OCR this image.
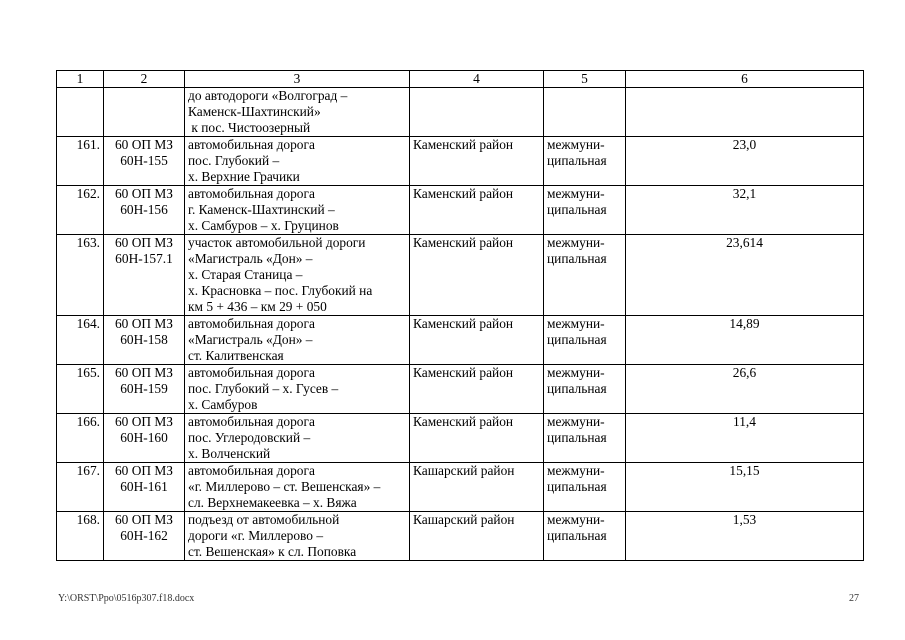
1	2	3	4	5	6

		до автодороги «Волгоград –
Каменск-Шахтинский»
к пос. Чистоозерный			

161.	60 ОП МЗ
60Н-155	автомобильная дорога
пос. Глубокий –
х. Верхние Грачики	Каменский район	межмуни-
ципальная	23,0
162.	60 ОП МЗ
60Н-156	автомобильная дорога
г. Каменск-Шахтинский –
х. Самбуров – х. Груцинов	Каменский район	межмуни-
ципальная	32,1
163.	60 ОП МЗ
60Н-157.1	участок автомобильной дороги
«Магистраль «Дон» –
х. Старая Станица –
х. Красновка – пос. Глубокий на
км 5 + 436 – км 29 + 050	Каменский район	межмуни-
ципальная	23,614
164.	60 ОП МЗ
60Н-158	автомобильная дорога
«Магистраль «Дон» –
ст. Калитвенская	Каменский район	межмуни-
ципальная	14,89
165.	60 ОП МЗ
60Н-159	автомобильная дорога
пос. Глубокий – х. Гусев –
х. Самбуров	Каменский район	межмуни-
ципальная	26,6
166.	60 ОП МЗ
60Н-160	автомобильная дорога
пос. Углеродовский –
х. Волченский	Каменский район	межмуни-
ципальная	11,4
167.	60 ОП МЗ
60Н-161	автомобильная дорога
«г. Миллерово – ст. Вешенская» –
сл. Верхнемакеевка – х. Вяжа	Кашарский район	межмуни-
ципальная	15,15
168.	60 ОП МЗ
60Н-162	подъезд от автомобильной
дороги «г. Миллерово –
ст. Вешенская» к сл. Поповка	Кашарский район	межмуни-
ципальная	1,53
Y:\ORST\Ppo\0516p307.f18.docx	27
